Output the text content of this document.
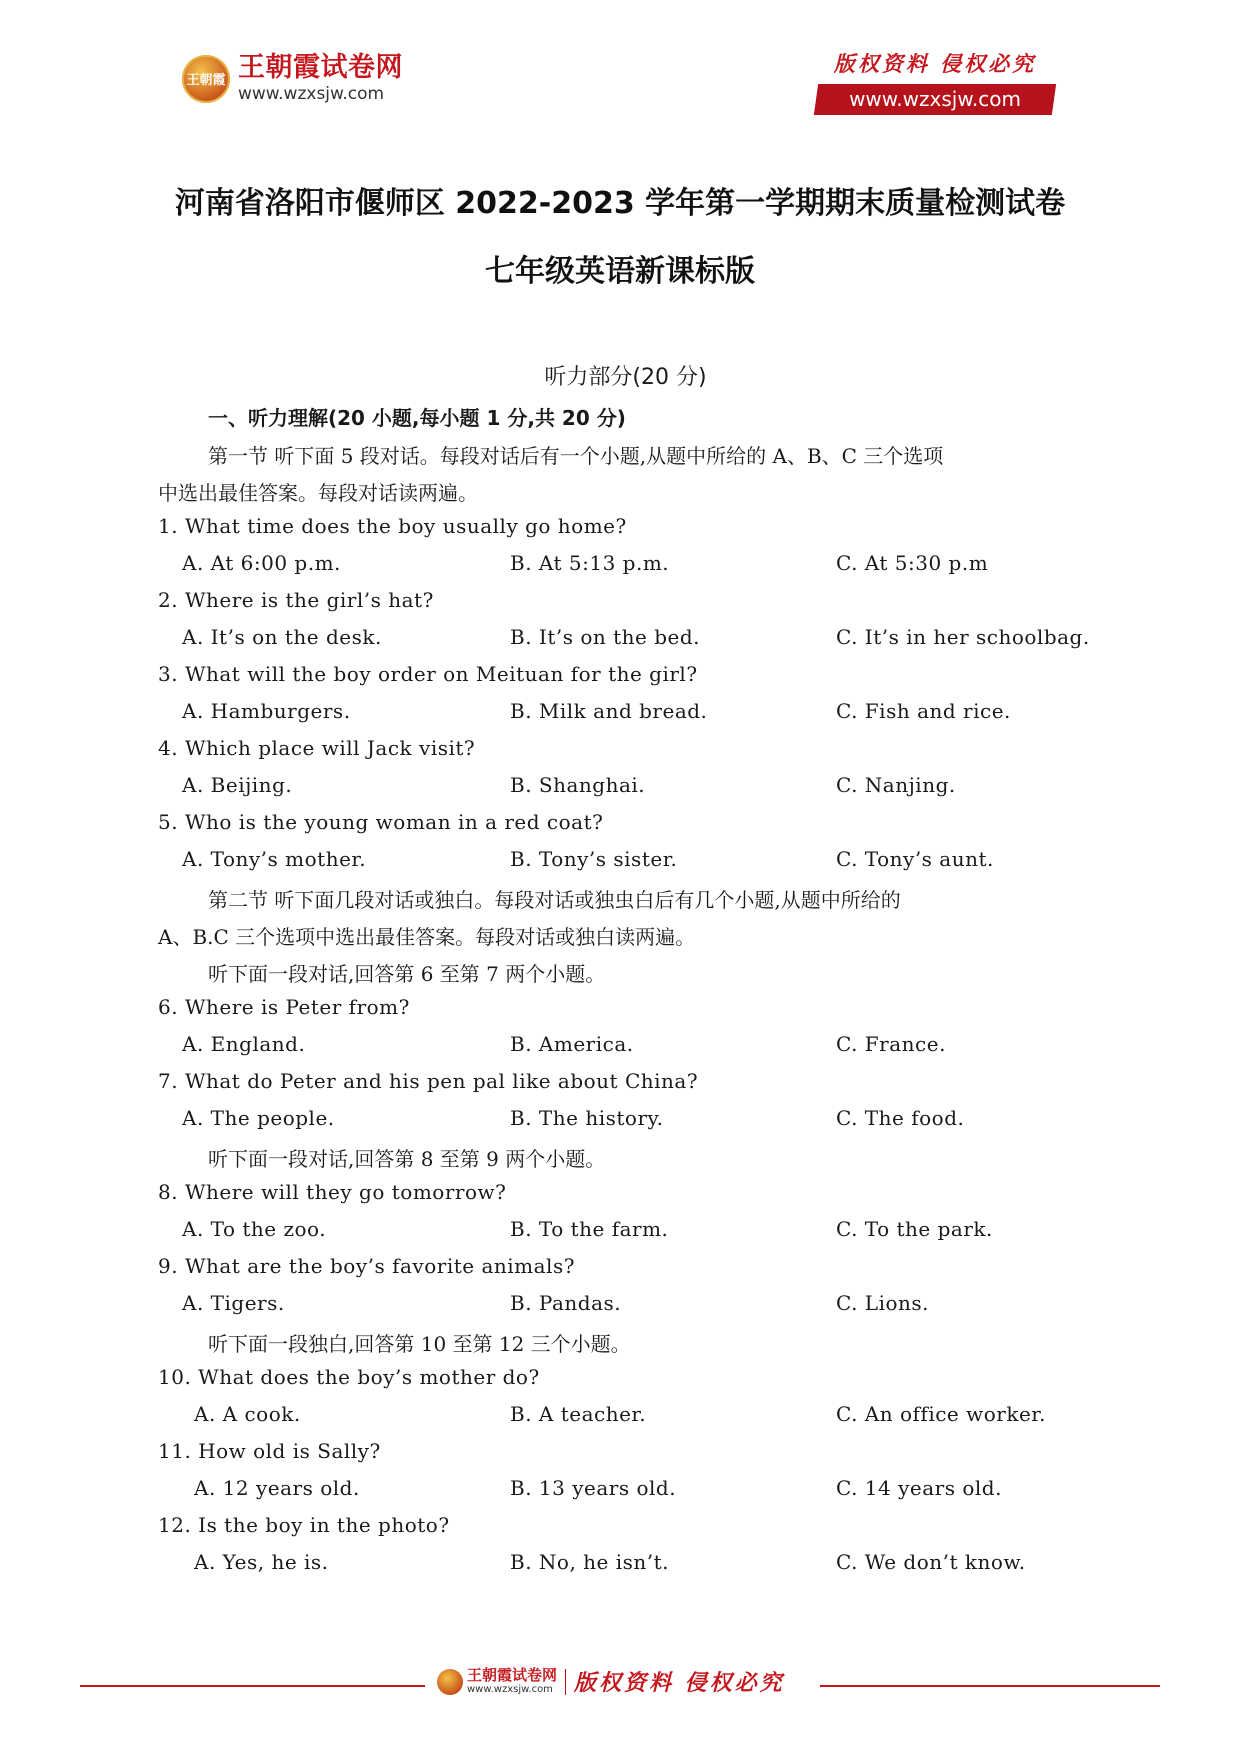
王朝霞 王朝霞试卷网
www.wzxsjw.com
版权资料 侵权必究
www.wzxsjw.com
河南省洛阳市偃师区 2022-2023 学年第一学期期末质量检测试卷
七年级英语新课标版
听力部分(20 分)
一、听力理解(20 小题,每小题 1 分,共 20 分)
第一节 听下面 5 段对话。每段对话后有一个小题,从题中所给的 A、B、C 三个选项
中选出最佳答案。每段对话读两遍。
1. What time does the boy usually go home?
A. At 6:00 p.m.	B. At 5:13 p.m.	C. At 5:30 p.m
2. Where is the girl’s hat?
A. It’s on the desk.	B. It’s on the bed.	C. It’s in her schoolbag.
3. What will the boy order on Meituan for the girl?
A. Hamburgers.	B. Milk and bread.	C. Fish and rice.
4. Which place will Jack visit?
A. Beijing.	B. Shanghai.	C. Nanjing.
5. Who is the young woman in a red coat?
A. Tony’s mother.	B. Tony’s sister.	C. Tony’s aunt.
第二节 听下面几段对话或独白。每段对话或独虫白后有几个小题,从题中所给的
A、B.C 三个选项中选出最佳答案。每段对话或独白读两遍。
听下面一段对话,回答第 6 至第 7 两个小题。
6. Where is Peter from?
A. England.	B. America.	C. France.
7. What do Peter and his pen pal like about China?
A. The people.	B. The history.	C. The food.
听下面一段对话,回答第 8 至第 9 两个小题。
8. Where will they go tomorrow?
A. To the zoo.	B. To the farm.	C. To the park.
9. What are the boy’s favorite animals?
A. Tigers.	B. Pandas.	C. Lions.
听下面一段独白,回答第 10 至第 12 三个小题。
10. What does the boy’s mother do?
A. A cook.	B. A teacher.	C. An office worker.
11. How old is Sally?
A. 12 years old.	B. 13 years old.	C. 14 years old.
12. Is the boy in the photo?
A. Yes, he is.	B. No, he isn’t.	C. We don’t know.
王朝霞试卷网
www.wzxsjw.com 版权资料 侵权必究
